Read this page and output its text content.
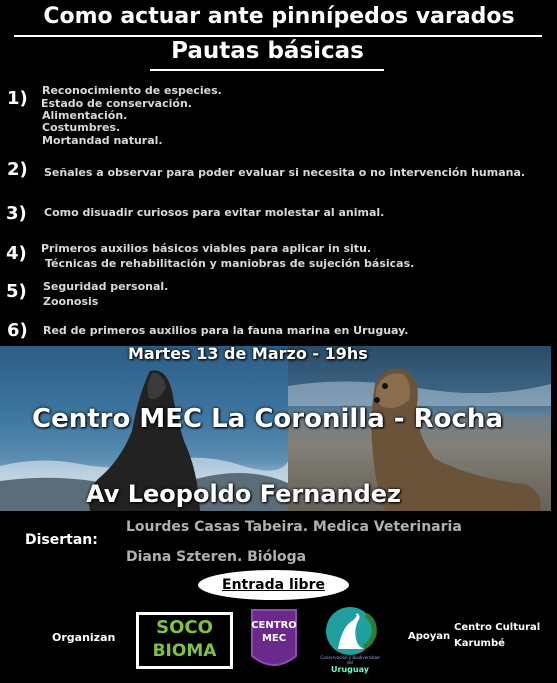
Como actuar ante pinnípedos varados
Pautas básicas
1) Reconocimiento de especies.
Estado de conservación.
Alimentación.
Costumbres.
Mortandad natural.
2) Señales a observar para poder evaluar si necesita o no intervención humana.
3) Como disuadir curiosos para evitar molestar al animal.
4) Primeros auxilios básicos viables para aplicar in situ.
Técnicas de rehabilitación y maniobras de sujeción básicas.
5) Seguridad personal.
Zoonosis
6) Red de primeros auxilios para la fauna marina en Uruguay.
Martes 13 de Marzo - 19hs
Centro MEC La Coronilla - Rocha
Av Leopoldo Fernandez
Disertan:
Lourdes Casas Tabeira. Medica Veterinaria
Diana Szteren. Bióloga
Entrada libre
Organizan	SOCO
BIOMA
CENTRO
MEC
Conservación y Biodiversidad
del
Uruguay
Apoyan
Centro Cultural
Karumbé
